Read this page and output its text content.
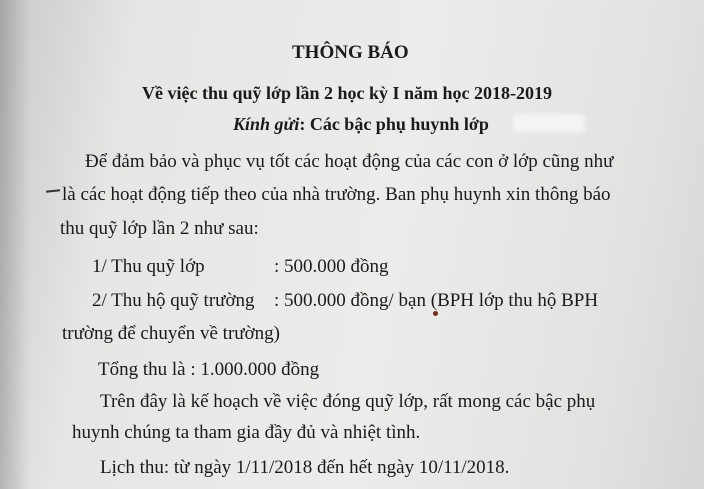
THÔNG BÁO
Về việc thu quỹ lớp lần 2 học kỳ I năm học 2018-2019
Kính gửi: Các bậc phụ huynh lớp
Để đảm bảo và phục vụ tốt các hoạt động của các con ở lớp cũng như
là các hoạt động tiếp theo của nhà trường. Ban phụ huynh xin thông báo
thu quỹ lớp lần 2 như sau:
1/ Thu quỹ lớp	: 500.000 đồng
2/ Thu hộ quỹ trường : 500.000 đồng/ bạn (BPH lớp thu hộ BPH
trường để chuyển về trường)
Tổng thu là : 1.000.000 đồng
Trên đây là kế hoạch về việc đóng quỹ lớp, rất mong các bậc phụ
huynh chúng ta tham gia đầy đủ và nhiệt tình.
Lịch thu: từ ngày 1/11/2018 đến hết ngày 10/11/2018.
